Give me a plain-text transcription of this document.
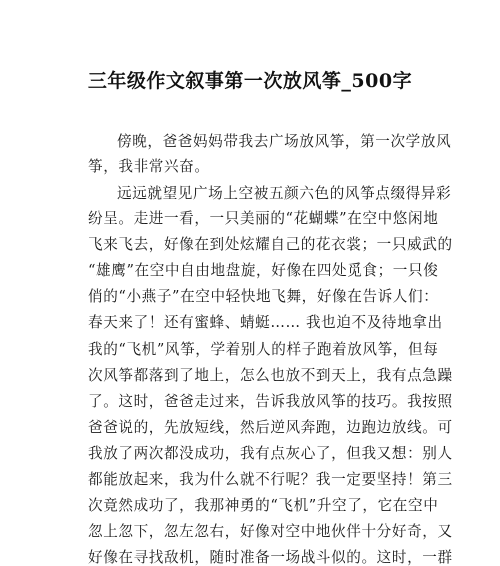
三年级作文叙事第一次放风筝_500字
傍晚，爸爸妈妈带我去广场放风筝，第一次学放风
筝，我非常兴奋。
远远就望见广场上空被五颜六色的风筝点缀得异彩
纷呈。走进一看，一只美丽的“花蝴蝶”在空中悠闲地
飞来飞去，好像在到处炫耀自己的花衣裳；一只威武的
“雄鹰”在空中自由地盘旋，好像在四处觅食；一只俊
俏的“小燕子”在空中轻快地飞舞，好像在告诉人们：
春天来了！还有蜜蜂、蜻蜓…… 我也迫不及待地拿出
我的“飞机”风筝，学着别人的样子跑着放风筝，但每
次风筝都落到了地上，怎么也放不到天上，我有点急躁
了。这时，爸爸走过来，告诉我放风筝的技巧。我按照
爸爸说的，先放短线，然后逆风奔跑，边跑边放线。可
我放了两次都没成功，我有点灰心了，但我又想：别人
都能放起来，我为什么就不行呢？我一定要坚持！第三
次竟然成功了，我那神勇的“飞机”升空了，它在空中
忽上忽下，忽左忽右，好像对空中地伙伴十分好奇，又
好像在寻找敌机，随时准备一场战斗似的。这时，一群
